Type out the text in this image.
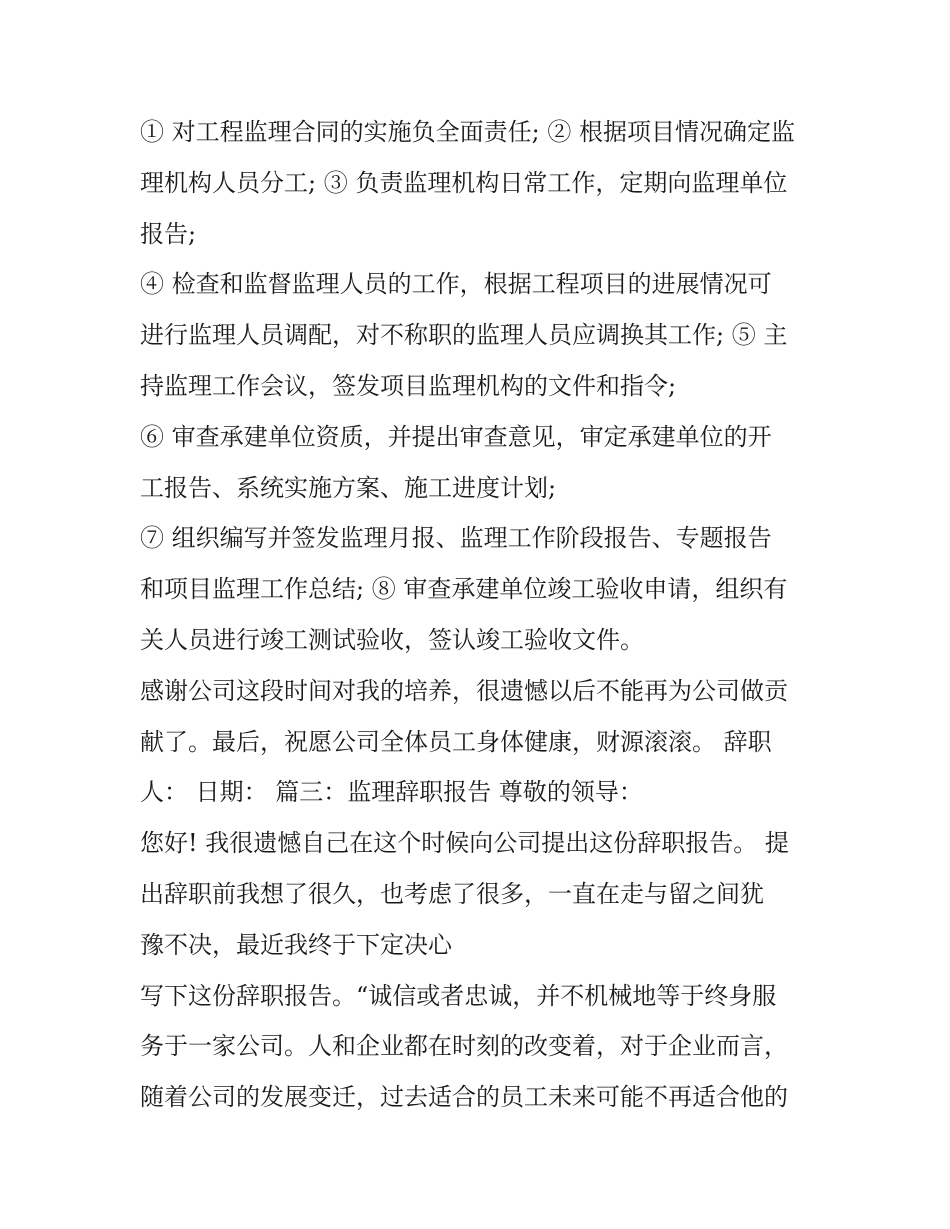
① 对工程监理合同的实施负全面责任; ② 根据项目情况确定监
理机构人员分工; ③ 负责监理机构日常工作，定期向监理单位
报告;
④ 检查和监督监理人员的工作，根据工程项目的进展情况可
进行监理人员调配，对不称职的监理人员应调换其工作; ⑤ 主
持监理工作会议，签发项目监理机构的文件和指令;
⑥ 审查承建单位资质，并提出审查意见，审定承建单位的开
工报告、系统实施方案、施工进度计划;
⑦ 组织编写并签发监理月报、监理工作阶段报告、专题报告
和项目监理工作总结; ⑧ 审查承建单位竣工验收申请，组织有
关人员进行竣工测试验收，签认竣工验收文件。
感谢公司这段时间对我的培养，很遗憾以后不能再为公司做贡
献了。最后，祝愿公司全体员工身体健康，财源滚滚。 辞职
人： 日期： 篇三：监理辞职报告 尊敬的领导：
您好! 我很遗憾自己在这个时候向公司提出这份辞职报告。 提
出辞职前我想了很久，也考虑了很多，一直在走与留之间犹
豫不决，最近我终于下定决心
写下这份辞职报告。“诚信或者忠诚，并不机械地等于终身服
务于一家公司。人和企业都在时刻的改变着，对于企业而言，
随着公司的发展变迁，过去适合的员工未来可能不再适合他的
